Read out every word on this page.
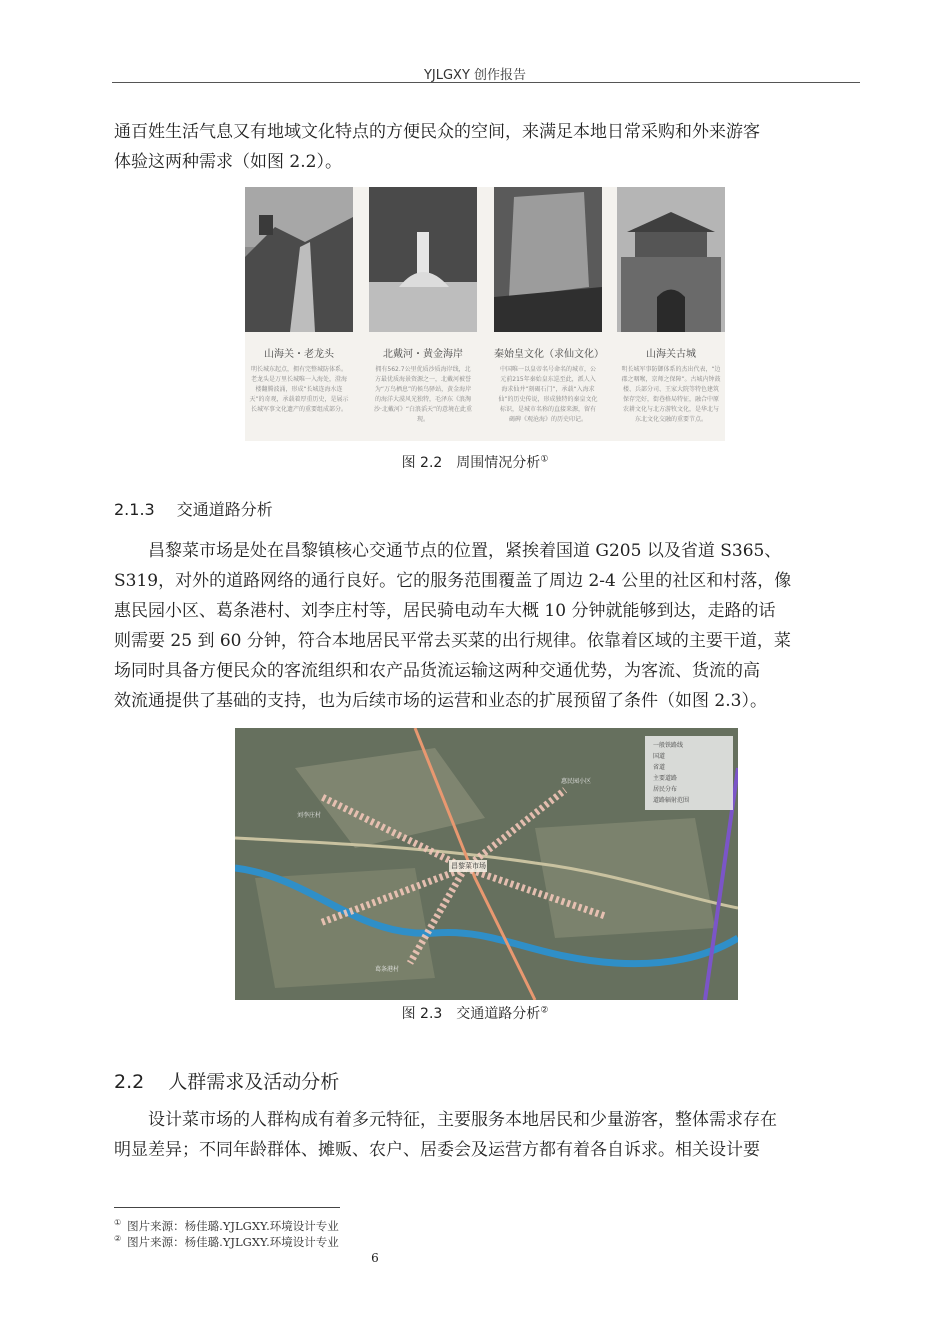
YJLGXY 创作报告
通百姓生活气息又有地域文化特点的方便民众的空间，来满足本地日常采购和外来游客
体验这两种需求（如图 2.2）。
山海关・老龙头
明长城东起点，拥有完整城防体系。老龙头是万里长城唯一入海处，澄海楼翻腾波涌，形成“长城连海水连天”的奇观，承载着厚重历史，是展示长城军事文化遗产的重要组成部分。
北戴河・黄金海岸
拥有562.7公里优质沙质海岸线，北方最优质海景资源之一，北戴河被誉为“万鸟栖息”的候鸟驿站，黄金海岸的海洋大漠风光独特，毛泽东《浪淘沙·北戴河》“白浪滔天”的意境在此重现。
秦始皇文化（求仙文化）
中国唯一以皇帝名号命名的城市，公元前215年秦始皇东巡至此，派人入海求仙并“刻碣石门”，承载“入海求仙”的历史传说，形成独特的秦皇文化标识，是城市名称的直接来源，留有碣碑《观沧海》的历史印记。
山海关古城
明长城军事防御体系的杰出代表，“边郡之咽喉，京师之保障”。古城内钟鼓楼、兵部分司、王家大院等特色建筑保存完好，街巷格局特征，融合中原农耕文化与北方游牧文化，是华北与东北文化交融的重要节点。
图 2.2　周围情况分析①
2.1.3 交通道路分析
昌黎菜市场是处在昌黎镇核心交通节点的位置，紧挨着国道 G205 以及省道 S365、
S319，对外的道路网络的通行良好。它的服务范围覆盖了周边 2-4 公里的社区和村落，像
惠民园小区、葛条港村、刘李庄村等，居民骑电动车大概 10 分钟就能够到达，走路的话
则需要 25 到 60 分钟，符合本地居民平常去买菜的出行规律。依靠着区域的主要干道，菜
场同时具备方便民众的客流组织和农产品货流运输这两种交通优势，为客流、货流的高
效流通提供了基础的支持，也为后续市场的运营和业态的扩展预留了条件（如图 2.3）。
一般铁路线
国道
省道
主要道路
居民分布
道路辐射范围
昌黎菜市场
刘李庄村
惠民园小区
葛条港村
图 2.3　交通道路分析②
2.2 人群需求及活动分析
设计菜市场的人群构成有着多元特征，主要服务本地居民和少量游客，整体需求存在
明显差异；不同年龄群体、摊贩、农户、居委会及运营方都有着各自诉求。相关设计要
① 图片来源：杨佳璐.YJLGXY.环境设计专业
② 图片来源：杨佳璐.YJLGXY.环境设计专业
6
